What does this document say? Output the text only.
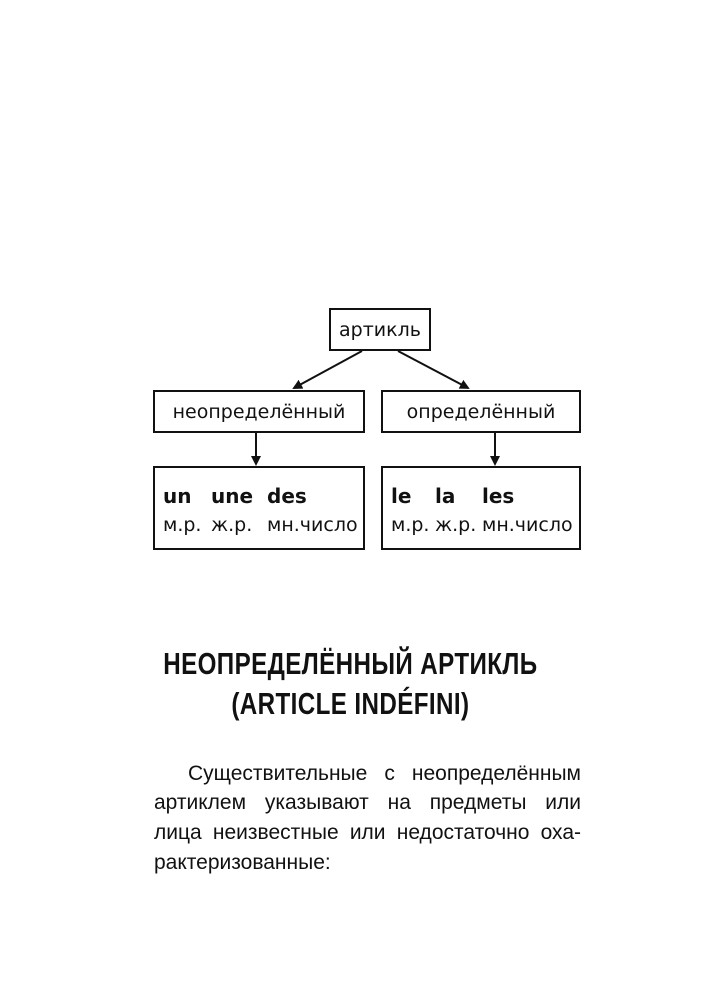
артикль
неопределённый	определённый
un une des
м.р. ж.р. мн.число
le la les
м.р. ж.р. мн.число
НЕОПРЕДЕЛЁННЫЙ АРТИКЛЬ
(ARTICLE INDÉFINI)
Существительные с неопределённым
артиклем указывают на предметы или
лица неизвестные или недостаточно оха-
рактеризованные:
